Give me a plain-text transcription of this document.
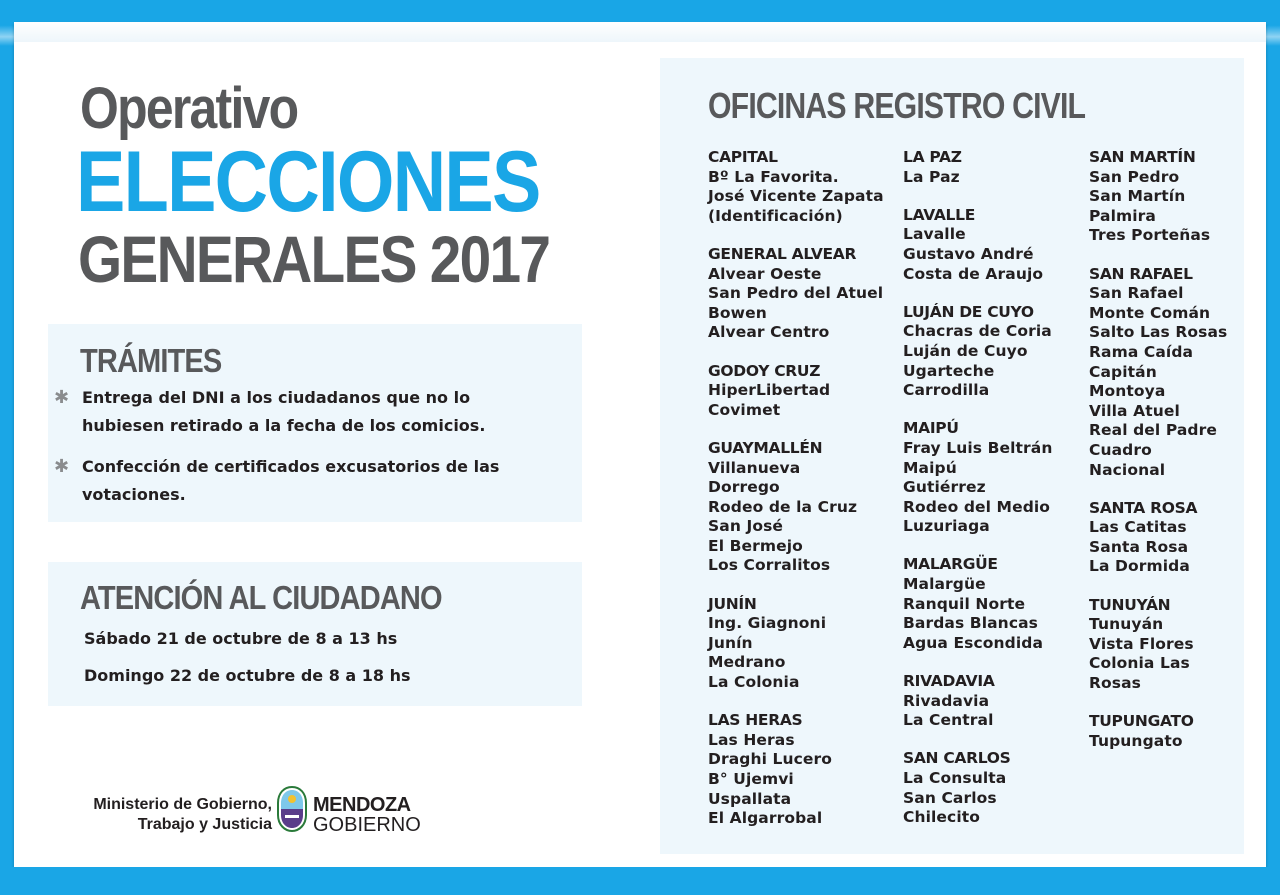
Operativo
ELECCIONES
GENERALES 2017
TRÁMITES
✱ Entrega del DNI a los ciudadanos que no lo hubiesen retirado a la fecha de los comicios.
✱ Confección de certificados excusatorios de las votaciones.
ATENCIÓN AL CIUDADANO
Sábado 21 de octubre de 8 a 13 hs
Domingo 22 de octubre de 8 a 18 hs
Ministerio de Gobierno,
Trabajo y Justicia
MENDOZA
GOBIERNO
OFICINAS REGISTRO CIVIL
CAPITAL
Bº La Favorita.
José Vicente Zapata
(Identificación)
GENERAL ALVEAR
Alvear Oeste
San Pedro del Atuel
Bowen
Alvear Centro
GODOY CRUZ
HiperLibertad
Covimet
GUAYMALLÉN
Villanueva
Dorrego
Rodeo de la Cruz
San José
El Bermejo
Los Corralitos
JUNÍN
Ing. Giagnoni
Junín
Medrano
La Colonia
LAS HERAS
Las Heras
Draghi Lucero
B° Ujemvi
Uspallata
El Algarrobal
LA PAZ
La Paz
LAVALLE
Lavalle
Gustavo André
Costa de Araujo
LUJÁN DE CUYO
Chacras de Coria
Luján de Cuyo
Ugarteche
Carrodilla
MAIPÚ
Fray Luis Beltrán
Maipú
Gutiérrez
Rodeo del Medio
Luzuriaga
MALARGÜE
Malargüe
Ranquil Norte
Bardas Blancas
Agua Escondida
RIVADAVIA
Rivadavia
La Central
SAN CARLOS
La Consulta
San Carlos
Chilecito
SAN MARTÍN
San Pedro
San Martín
Palmira
Tres Porteñas
SAN RAFAEL
San Rafael
Monte Comán
Salto Las Rosas
Rama Caída
Capitán
Montoya
Villa Atuel
Real del Padre
Cuadro
Nacional
SANTA ROSA
Las Catitas
Santa Rosa
La Dormida
TUNUYÁN
Tunuyán
Vista Flores
Colonia Las
Rosas
TUPUNGATO
Tupungato
